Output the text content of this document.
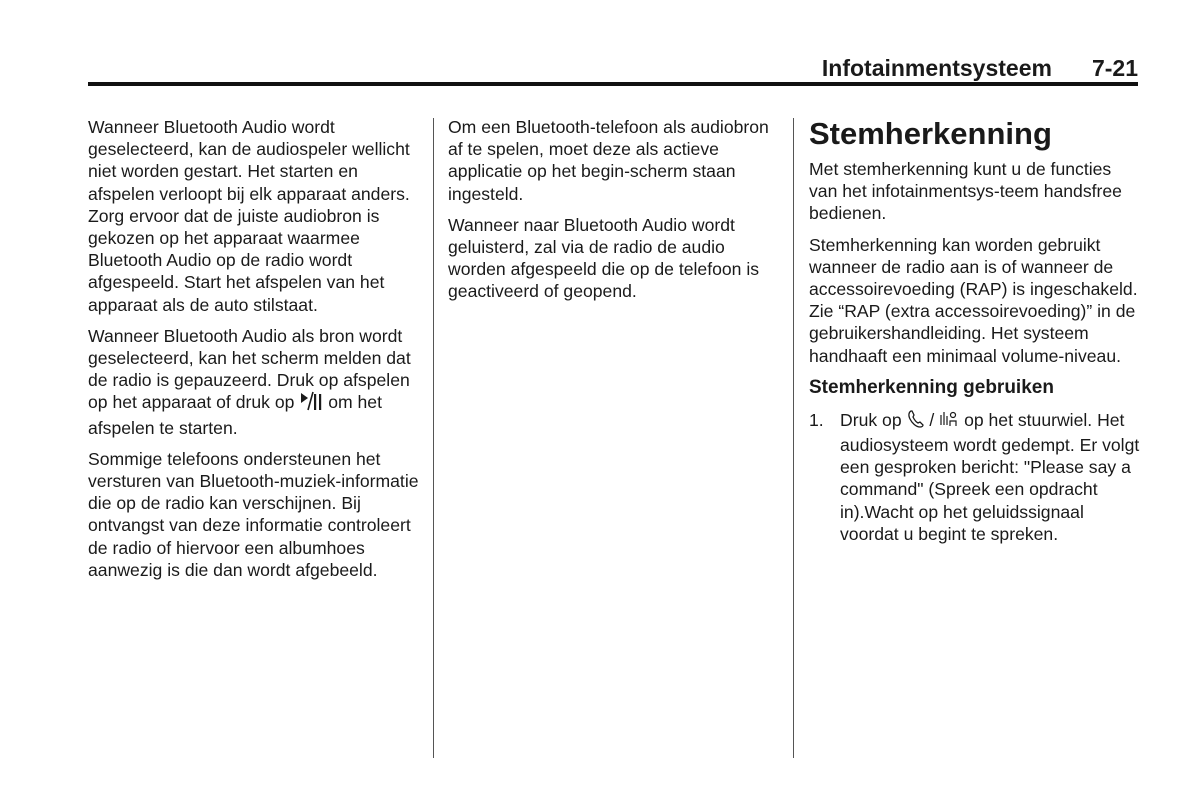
Infotainmentsysteem 7-21

Wanneer Bluetooth Audio wordt geselecteerd, kan de audiospeler wellicht niet worden gestart. Het starten en afspelen verloopt bij elk apparaat anders. Zorg ervoor dat de juiste audiobron is gekozen op het apparaat waarmee Bluetooth Audio op de radio wordt afgespeeld. Start het afspelen van het apparaat als de auto stilstaat.

Wanneer Bluetooth Audio als bron wordt geselecteerd, kan het scherm melden dat de radio is gepauzeerd. Druk op afspelen op het apparaat of druk op om het afspelen te starten.

Sommige telefoons ondersteunen het versturen van Bluetooth-muziek-informatie die op de radio kan verschijnen. Bij ontvangst van deze informatie controleert de radio of hiervoor een albumhoes aanwezig is die dan wordt afgebeeld.

Om een Bluetooth-telefoon als audiobron af te spelen, moet deze als actieve applicatie op het begin-scherm staan ingesteld.

Wanneer naar Bluetooth Audio wordt geluisterd, zal via de radio de audio worden afgespeeld die op de telefoon is geactiveerd of geopend.

Stemherkenning

Met stemherkenning kunt u de functies van het infotainmentsys-teem handsfree bedienen.

Stemherkenning kan worden gebruikt wanneer de radio aan is of wanneer de accessoirevoeding (RAP) is ingeschakeld. Zie “RAP (extra accessoirevoeding)” in de gebruikershandleiding. Het systeem handhaaft een minimaal volume-niveau.

Stemherkenning gebruiken
1. Druk op / op het stuurwiel. Het audiosysteem wordt gedempt. Er volgt een gesproken bericht: "Please say a command" (Spreek een opdracht in).Wacht op het geluidssignaal voordat u begint te spreken.
